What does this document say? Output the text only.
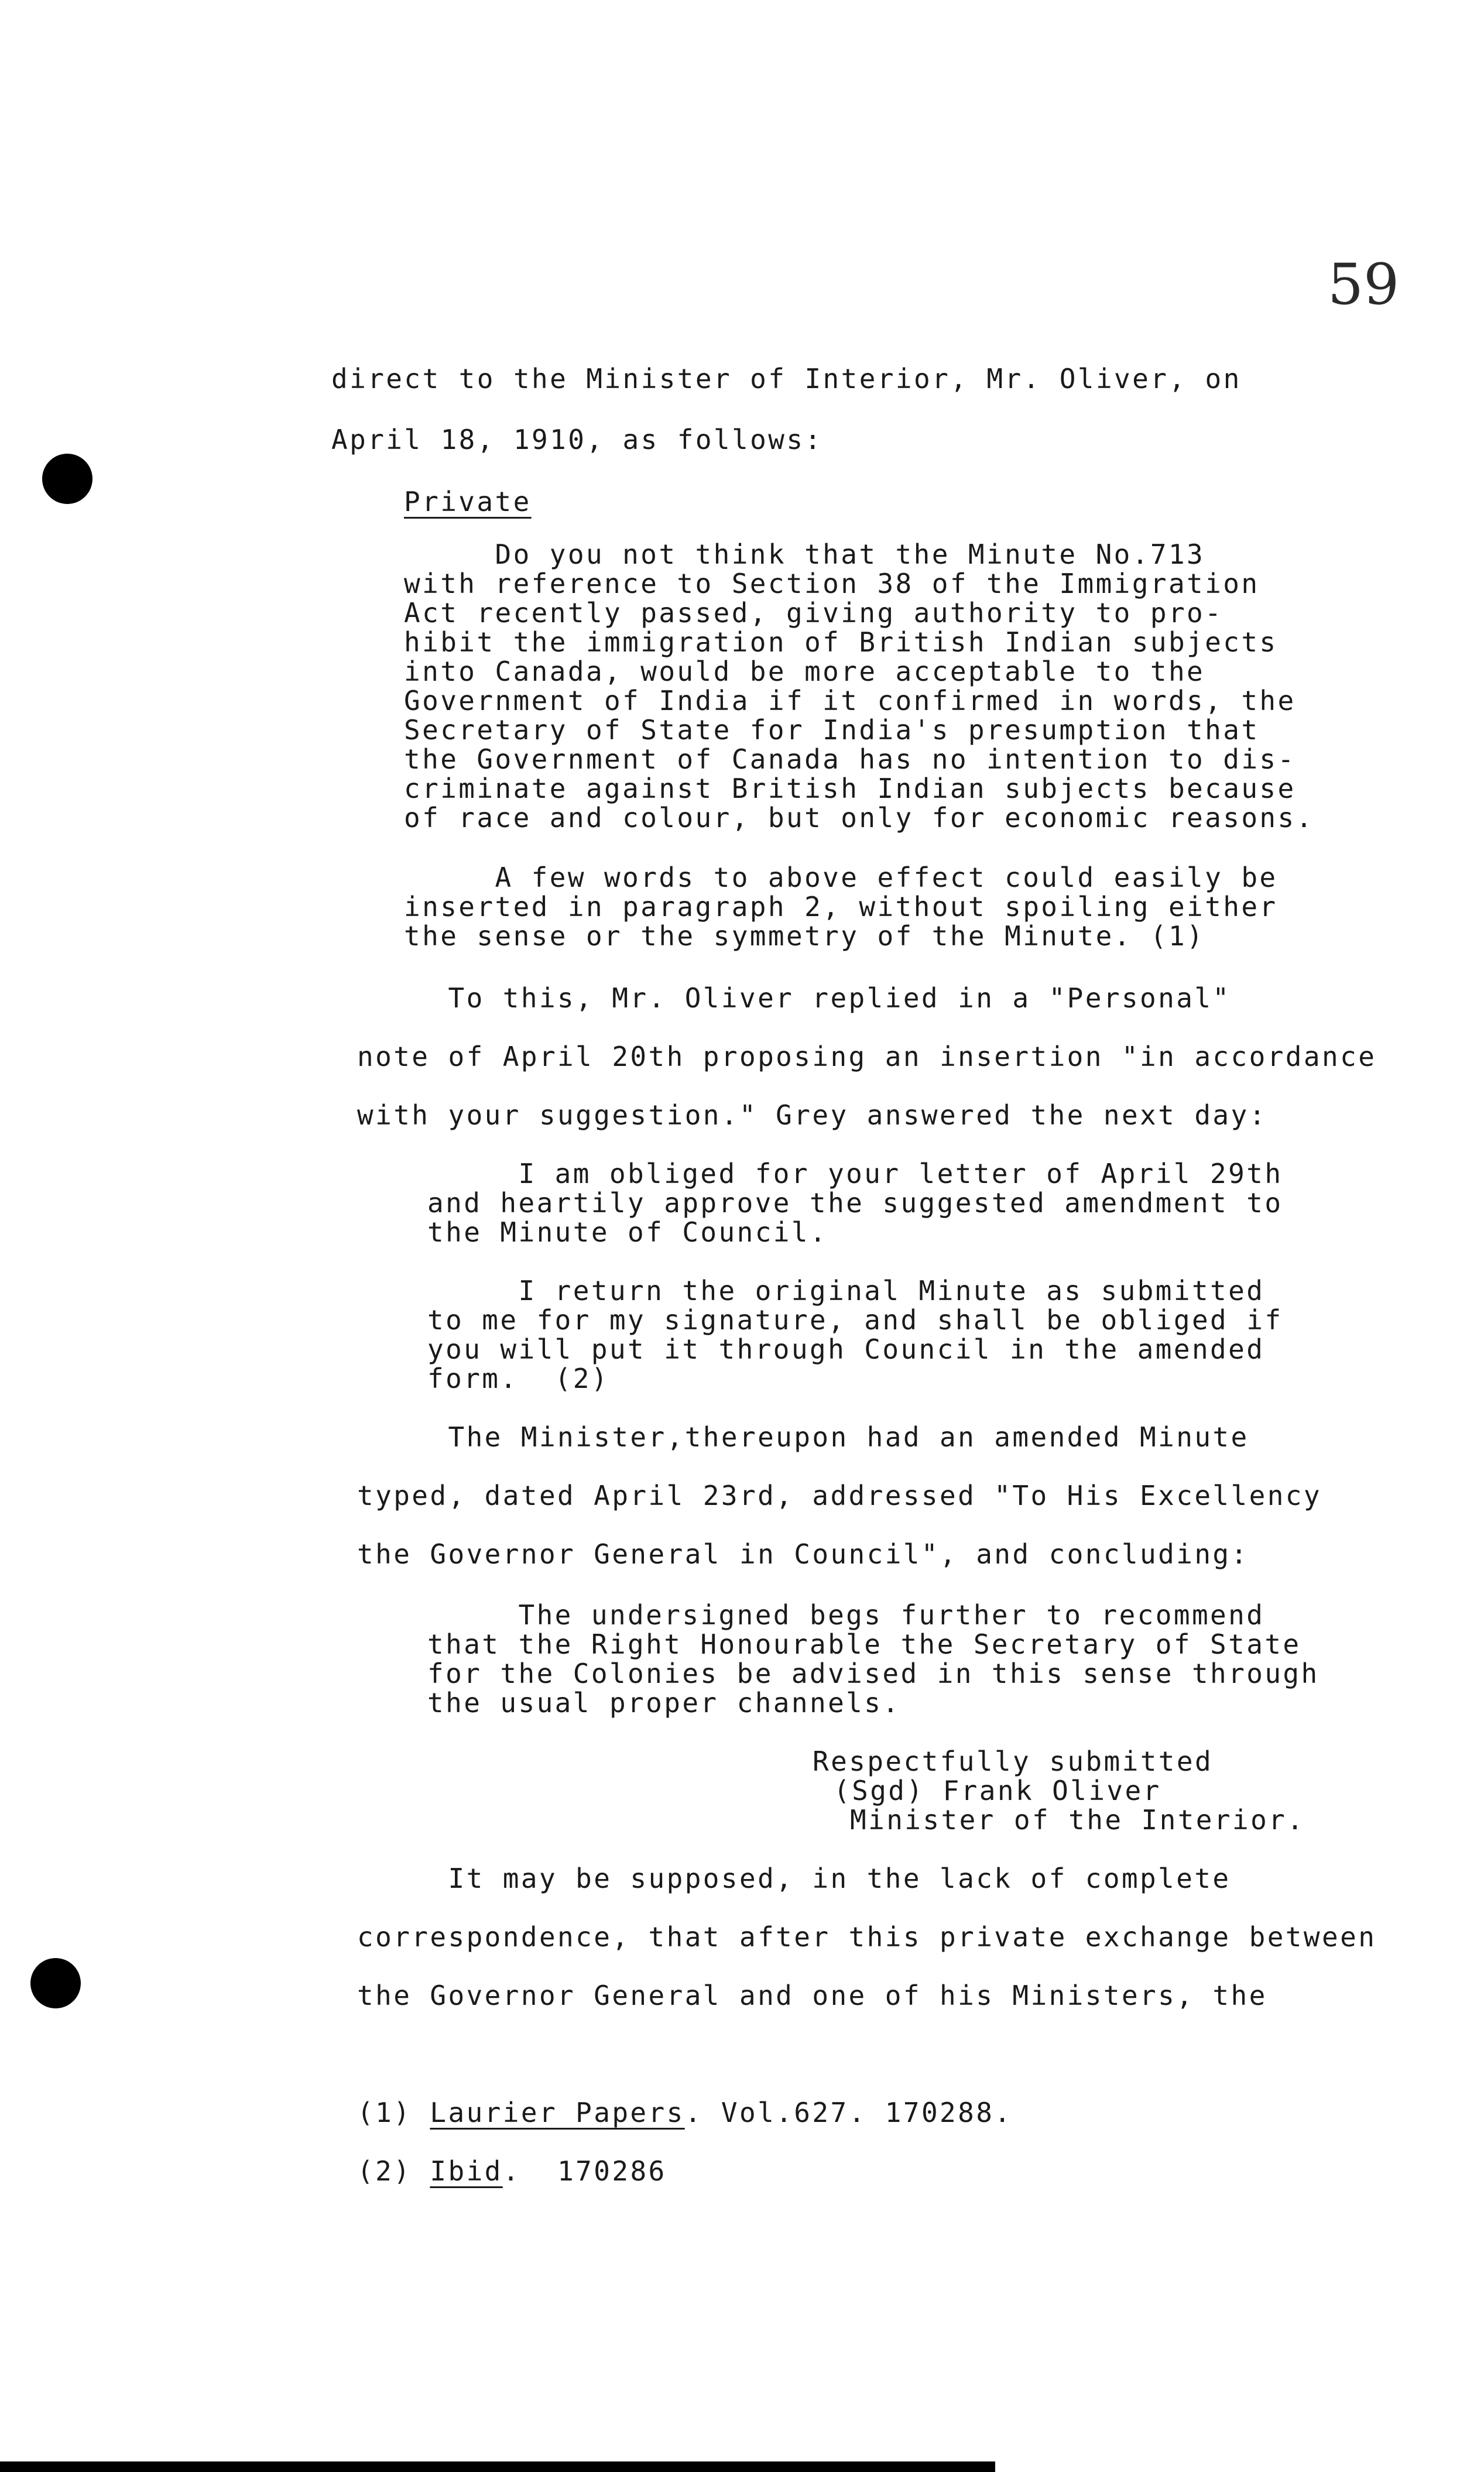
59
direct to the Minister of Interior, Mr. Oliver, on
April 18, 1910, as follows:
Private
Do you not think that the Minute No.713
with reference to Section 38 of the Immigration
Act recently passed, giving authority to pro-
hibit the immigration of British Indian subjects
into Canada, would be more acceptable to the
Government of India if it confirmed in words, the
Secretary of State for India's presumption that
the Government of Canada has no intention to dis-
criminate against British Indian subjects because
of race and colour, but only for economic reasons.
A few words to above effect could easily be
inserted in paragraph 2, without spoiling either
the sense or the symmetry of the Minute. (1)
To this, Mr. Oliver replied in a "Personal"
note of April 20th proposing an insertion "in accordance
with your suggestion." Grey answered the next day:
I am obliged for your letter of April 29th
and heartily approve the suggested amendment to
the Minute of Council.
I return the original Minute as submitted
to me for my signature, and shall be obliged if
you will put it through Council in the amended
form.  (2)
The Minister,thereupon had an amended Minute
typed, dated April 23rd, addressed "To His Excellency
the Governor General in Council", and concluding:
The undersigned begs further to recommend
that the Right Honourable the Secretary of State
for the Colonies be advised in this sense through
the usual proper channels.
Respectfully submitted
(Sgd) Frank Oliver
Minister of the Interior.
It may be supposed, in the lack of complete
correspondence, that after this private exchange between
the Governor General and one of his Ministers, the
(1) Laurier Papers. Vol.627. 170288.
(2) Ibid.  170286
